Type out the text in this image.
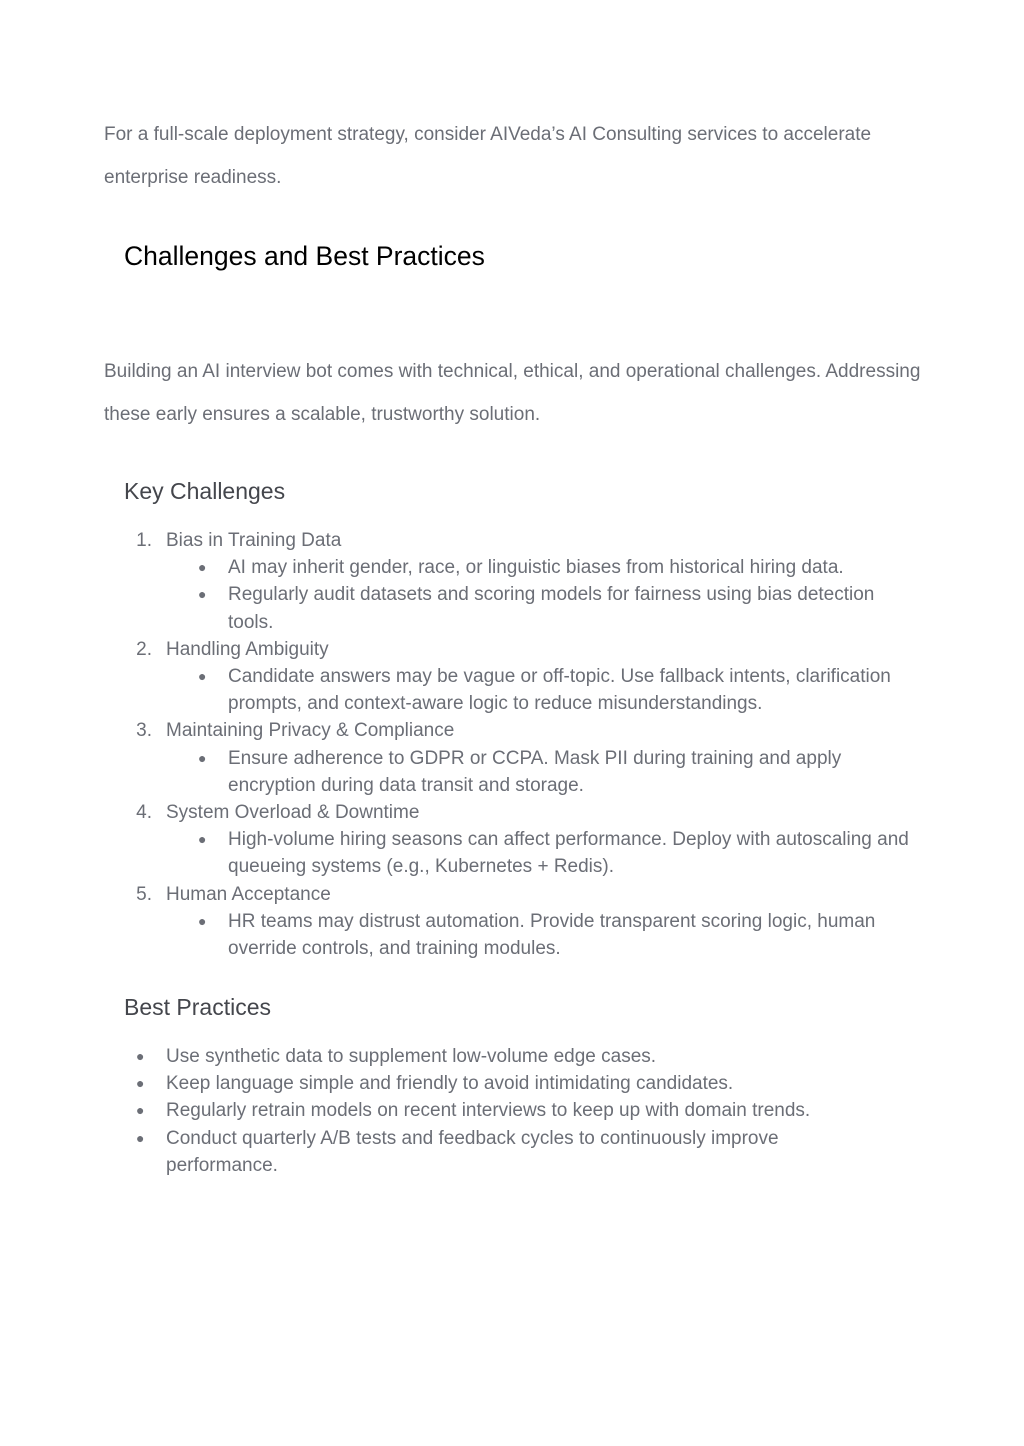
For a full-scale deployment strategy, consider AIVeda’s AI Consulting services to accelerate enterprise readiness.

Challenges and Best Practices

Building an AI interview bot comes with technical, ethical, and operational challenges. Addressing these early ensures a scalable, trustworthy solution.

Key Challenges
1. Bias in Training Data
● AI may inherit gender, race, or linguistic biases from historical hiring data.
● Regularly audit datasets and scoring models for fairness using bias detection tools.
2. Handling Ambiguity
● Candidate answers may be vague or off-topic. Use fallback intents, clarification prompts, and context-aware logic to reduce misunderstandings.
3. Maintaining Privacy & Compliance
● Ensure adherence to GDPR or CCPA. Mask PII during training and apply encryption during data transit and storage.
4. System Overload & Downtime
● High-volume hiring seasons can affect performance. Deploy with autoscaling and queueing systems (e.g., Kubernetes + Redis).
5. Human Acceptance
● HR teams may distrust automation. Provide transparent scoring logic, human override controls, and training modules.
Best Practices
● Use synthetic data to supplement low-volume edge cases.
● Keep language simple and friendly to avoid intimidating candidates.
● Regularly retrain models on recent interviews to keep up with domain trends.
● Conduct quarterly A/B tests and feedback cycles to continuously improve performance.
